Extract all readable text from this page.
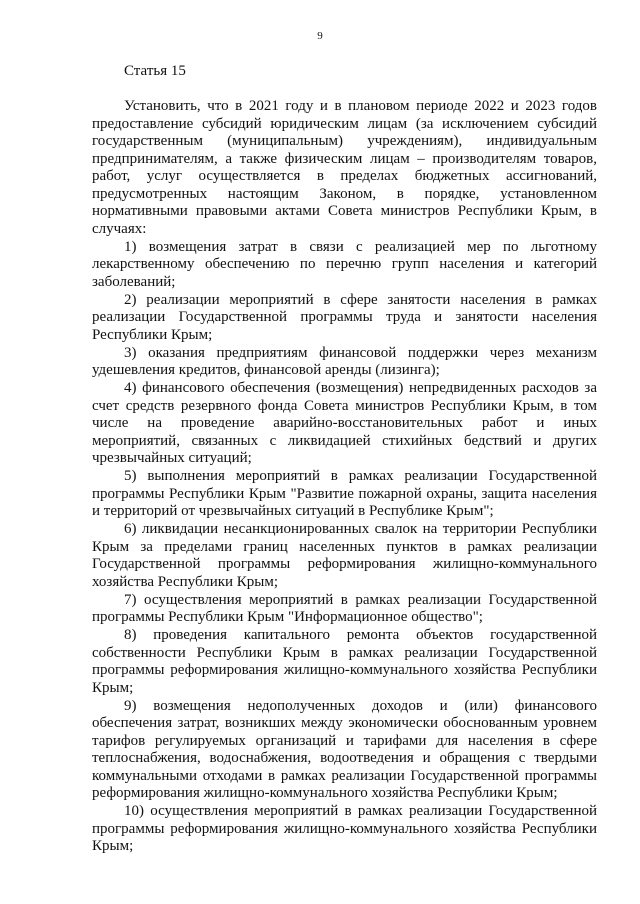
9
Статья 15

Установить, что в 2021 году и в плановом периоде 2022 и 2023 годов предоставление субсидий юридическим лицам (за исключением субсидий государственным (муниципальным) учреждениям), индивидуальным предпринимателям, а также физическим лицам – производителям товаров, работ, услуг осуществляется в пределах бюджетных ассигнований, предусмотренных настоящим Законом, в порядке, установленном нормативными правовыми актами Совета министров Республики Крым, в случаях:

1) возмещения затрат в связи с реализацией мер по льготному лекарственному обеспечению по перечню групп населения и категорий заболеваний;

2) реализации мероприятий в сфере занятости населения в рамках реализации Государственной программы труда и занятости населения Республики Крым;

3) оказания предприятиям финансовой поддержки через механизм удешевления кредитов, финансовой аренды (лизинга);

4) финансового обеспечения (возмещения) непредвиденных расходов за счет средств резервного фонда Совета министров Республики Крым, в том числе на проведение аварийно-восстановительных работ и иных мероприятий, связанных с ликвидацией стихийных бедствий и других чрезвычайных ситуаций;

5) выполнения мероприятий в рамках реализации Государственной программы Республики Крым "Развитие пожарной охраны, защита населения и территорий от чрезвычайных ситуаций в Республике Крым";

6) ликвидации несанкционированных свалок на территории Республики Крым за пределами границ населенных пунктов в рамках реализации Государственной программы реформирования жилищно-коммунального хозяйства Республики Крым;

7) осуществления мероприятий в рамках реализации Государственной программы Республики Крым "Информационное общество";

8) проведения капитального ремонта объектов государственной собственности Республики Крым в рамках реализации Государственной программы реформирования жилищно-коммунального хозяйства Республики Крым;

9) возмещения недополученных доходов и (или) финансового обеспечения затрат, возникших между экономически обоснованным уровнем тарифов регулируемых организаций и тарифами для населения в сфере теплоснабжения, водоснабжения, водоотведения и обращения с твердыми коммунальными отходами в рамках реализации Государственной программы реформирования жилищно-коммунального хозяйства Республики Крым;

10) осуществления мероприятий в рамках реализации Государственной программы реформирования жилищно-коммунального хозяйства Республики Крым;
